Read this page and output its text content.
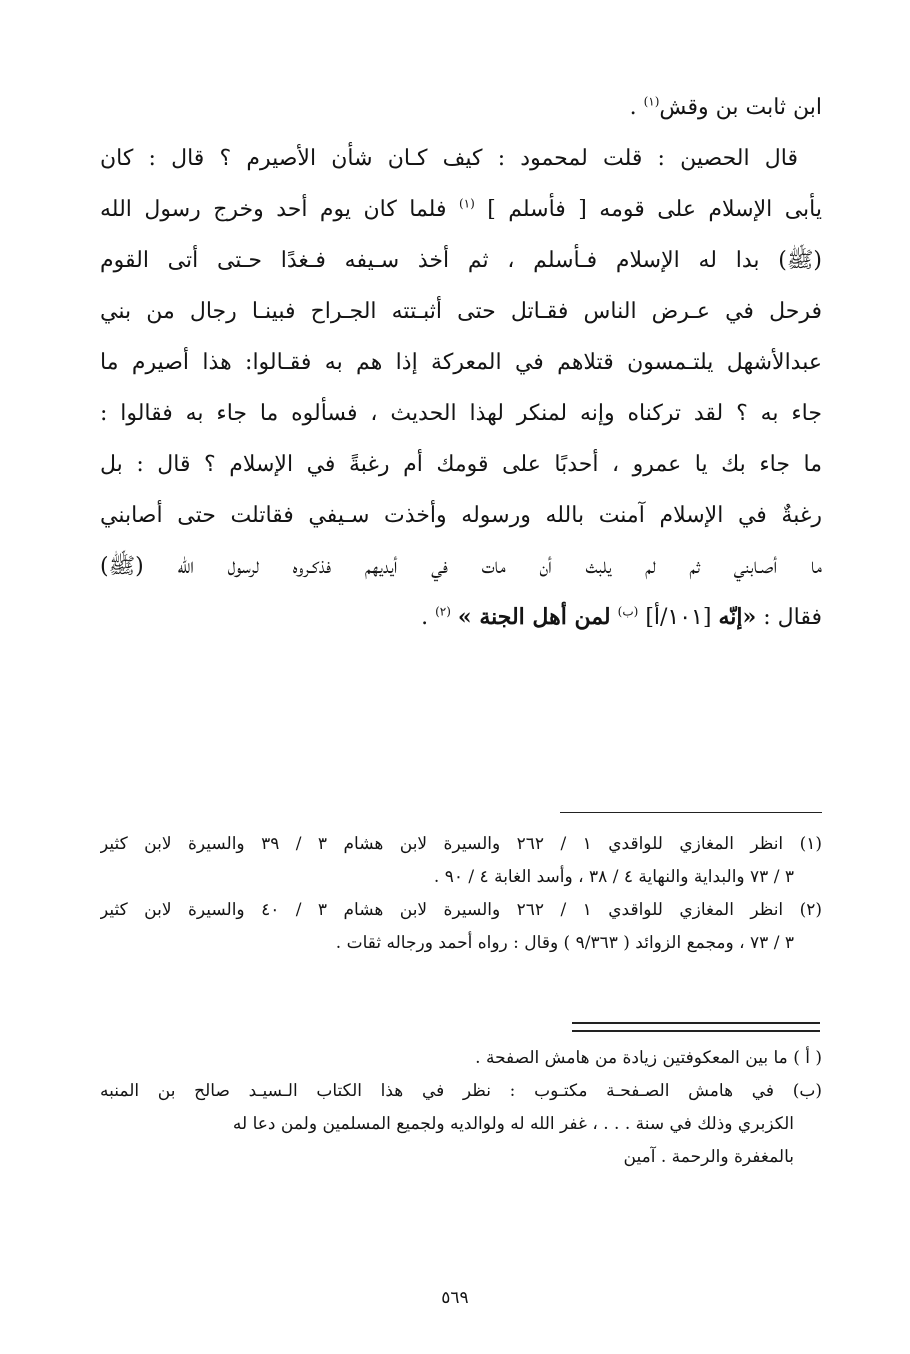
ابن ثابت بن وقش$^{(١)}$ .
قال الحصين : قلت لمحمود : كيف كـان شأن الأصيرم ؟ قال : كان
يأبى الإسلام على قومه [ فأسلم ] $^{(١)}$ فلما كان يوم أحد وخرج رسول الله
(ﷺ) بدا له الإسلام فـأسلم ، ثم أخذ سـيفه فـغدًا حـتى أتى القوم
فرحل في عـرض الناس فقـاتل حتى أثبـتته الجـراح فبينـا رجال من بني
عبدالأشهل يلتـمسون قتلاهم في المعركة إذا هم به فقـالوا: هذا أصيرم ما
جاء به ؟ لقد تركناه وإنه لمنكر لهذا الحديث ، فسألوه ما جاء به فقالوا :
ما جاء بك يا عمرو ، أحدبًا على قومك أم رغبةً في الإسلام ؟ قال : بل
رغبةٌ في الإسلام آمنت بالله ورسوله وأخذت سـيفي فقاتلت حتى أصابني
ما أصـابني ثم لم يلبث أن مات في أيديهم فذكـروه لرسول الله (ﷺ)
فقال : «إنّه [١٠١/أ] $^{(ب)}$ لمن أهل الجنة » $^{(٢)}$ .
(١) انظر المغازي للواقدي ١ / ٢٦٢ والسيرة لابن هشام ٣ / ٣٩ والسيرة لابن كثير
٣ / ٧٣ والبداية والنهاية ٤ / ٣٨ ، وأسد الغابة ٤ / ٩٠ .
(٢) انظر المغازي للواقدي ١ / ٢٦٢ والسيرة لابن هشام ٣ / ٤٠ والسيرة لابن كثير
٣ / ٧٣ ، ومجمع الزوائد ( ٩/٣٦٣ ) وقال : رواه أحمد ورجاله ثقات .
( أ ) ما بين المعكوفتين زيادة من هامش الصفحة .
(ب) في هامش الصـفحـة مكتـوب : نظر في هذا الكتاب الـسيـد صالح بن المنبه
الكزبري وذلك في سنة . . . ، غفر الله له ولوالديه ولجميع المسلمين ولمن دعا له
بالمغفرة والرحمة . آمين
٥٦٩
